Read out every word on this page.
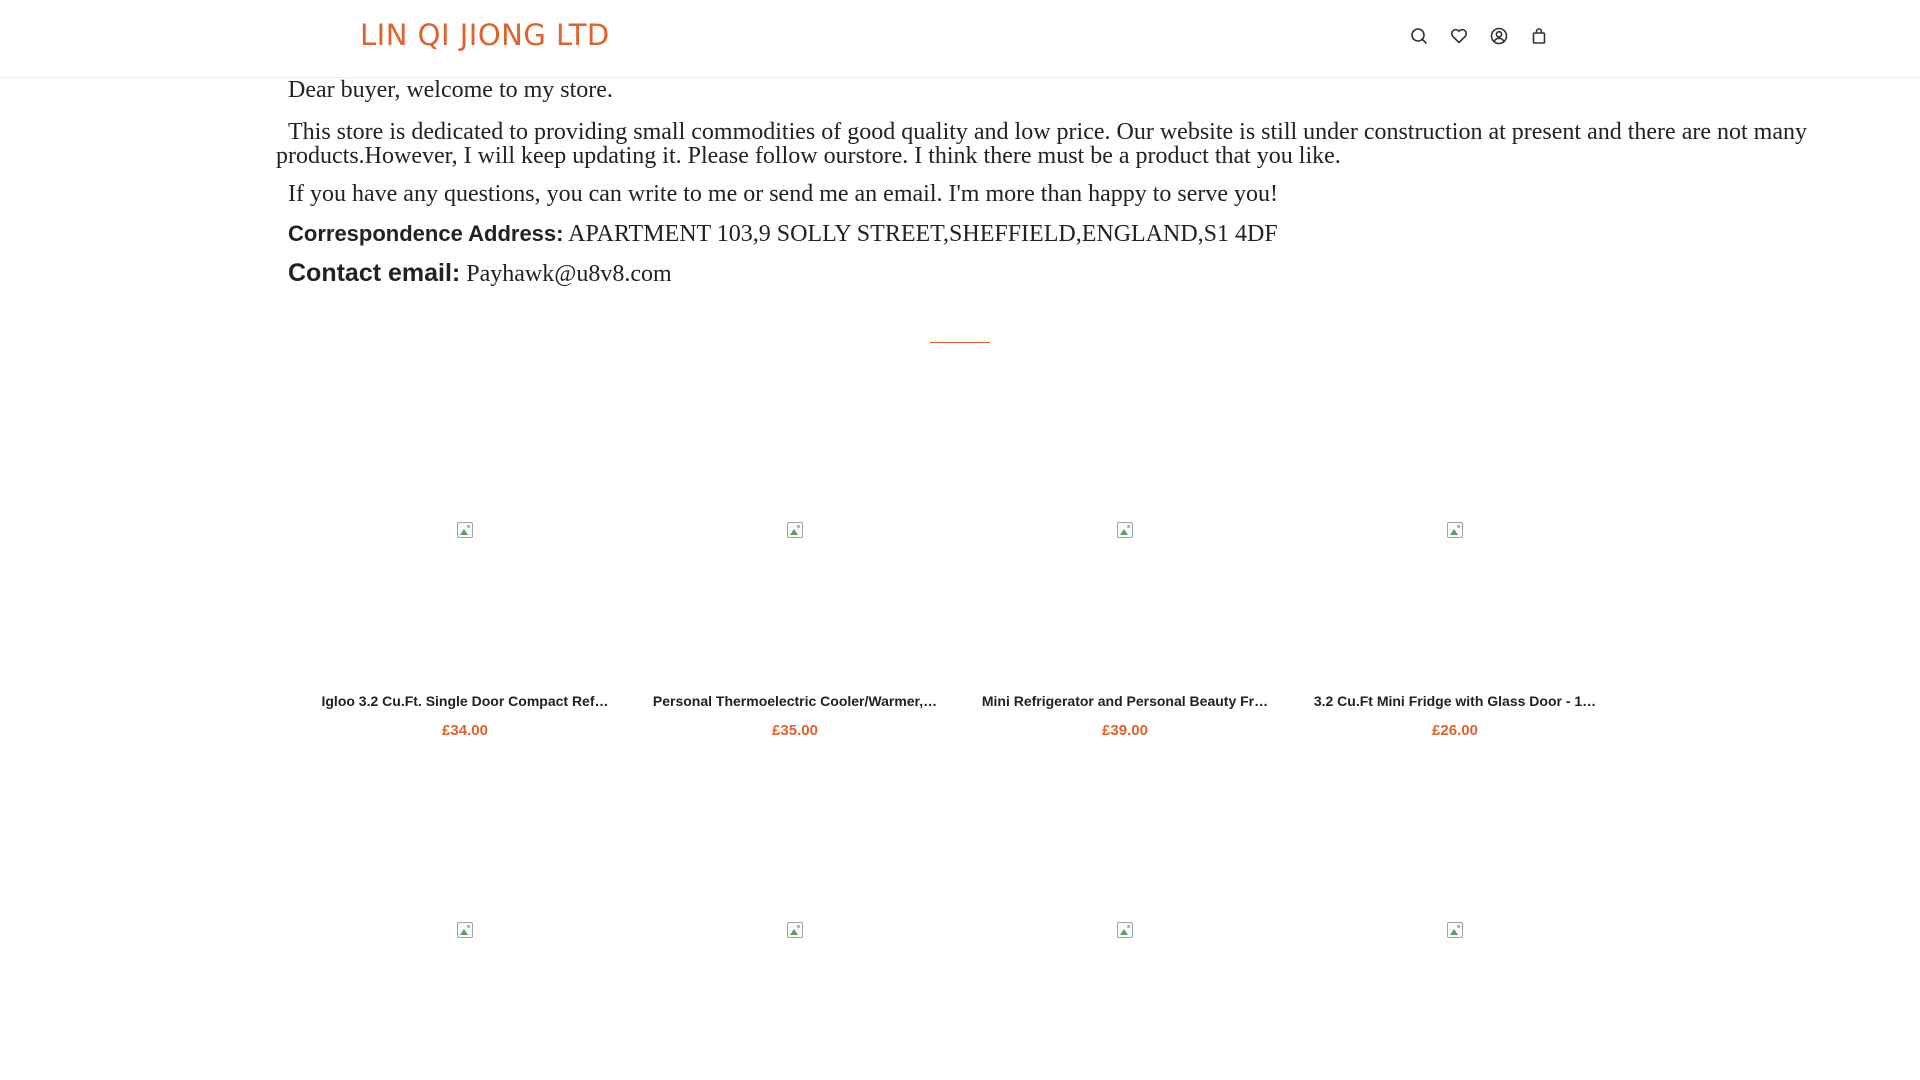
LIN QI JIONG LTD

Dear buyer, welcome to my store.

This store is dedicated to providing small commodities of good quality and low price. Our website is still under construction at present and there are not many products.However, I will keep updating it. Please follow ourstore. I think there must be a product that you like.

If you have any questions, you can write to me or send me an email. I'm more than happy to serve you!

Correspondence Address: APARTMENT 103,9 SOLLY STREET,SHEFFIELD,ENGLAND,S1 4DF

Contact email: Payhawk@u8v8.com

Igloo 3.2 Cu.Ft. Single Door Compact Ref…
£34.00
Personal Thermoelectric Cooler/Warmer,…
£35.00
Mini Refrigerator and Personal Beauty Fr…
£39.00
3.2 Cu.Ft Mini Fridge with Glass Door - 1…
£26.00
